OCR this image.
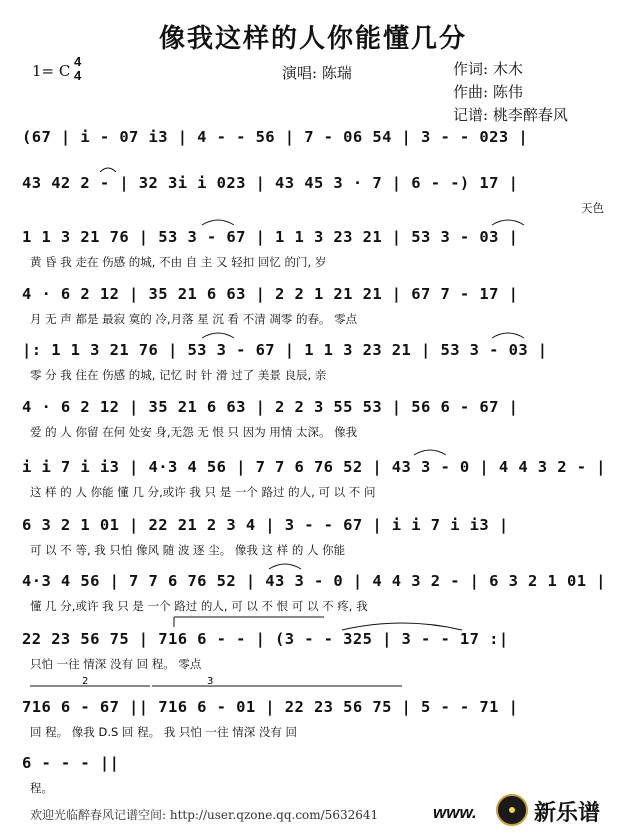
像我这样的人你能懂几分
1= C
4
4	演唱: 陈瑞	作词: 木木
作曲: 陈伟
记谱: 桃李醉春风
(67 | i - 07 i3 | 4 - - 56 | 7 - 06 54 | 3 - - 023 |
43 42 2 - | 32 3i i 023 | 43 45 3 · 7 | 6 - -) 17 |
天色
1 1 3 21 76 | 53 3 - 67 | 1 1 3 23 21 | 53 3 - 03 |
黄 昏 我 走在 伤感 的城, 不由 自 主 又 轻扣 回忆 的门, 岁
4 · 6 2 12 | 35 21 6 63 | 2 2 1 21 21 | 67 7 - 17 |
月 无 声 都是 最寂 寞的 冷,月落 星 沉 看 不清 凋零 的春。 零点
|: 1 1 3 21 76 | 53 3 - 67 | 1 1 3 23 21 | 53 3 - 03 |
零 分 我 住在 伤感 的城, 记忆 时 针 滑 过了 美景 良辰, 亲
4 · 6 2 12 | 35 21 6 63 | 2 2 3 55 53 | 56 6 - 67 |
爱 的 人 你留 在何 处安 身,无怨 无 恨 只 因为 用情 太深。 像我
i i 7 i i3 | 4·3 4 56 | 7 7 6 76 52 | 43 3 - 0 | 4 4 3 2 - |
这 样 的 人 你能 懂 几 分,或许 我 只 是 一个 路过 的人, 可 以 不 问
6 3 2 1 01 | 22 21 2 3 4 | 3 - - 67 | i i 7 i i3 |
可 以 不 等, 我 只怕 像风 随 波 逐 尘。 像我 这 样 的 人 你能
4·3 4 56 | 7 7 6 76 52 | 43 3 - 0 | 4 4 3 2 - | 6 3 2 1 01 |
懂 几 分,或许 我 只 是 一个 路过 的人, 可 以 不 恨 可 以 不 疼, 我
22 23 56 75 | 716 6 - - | (3 - - 325 | 3 - - 17 :|
只怕 一往 情深 没有 回 程。 零点
716 6 - 67 || 716 6 - 01 | 22 23 56 75 | 5 - - 71 |
回 程。 像我 D.S 回 程。 我 只怕 一往 情深 没有 回
6 - - - ||
程。
2	3
欢迎光临醉春风记谱空间: http://user.qzone.qq.com/5632641	www.	新乐谱
